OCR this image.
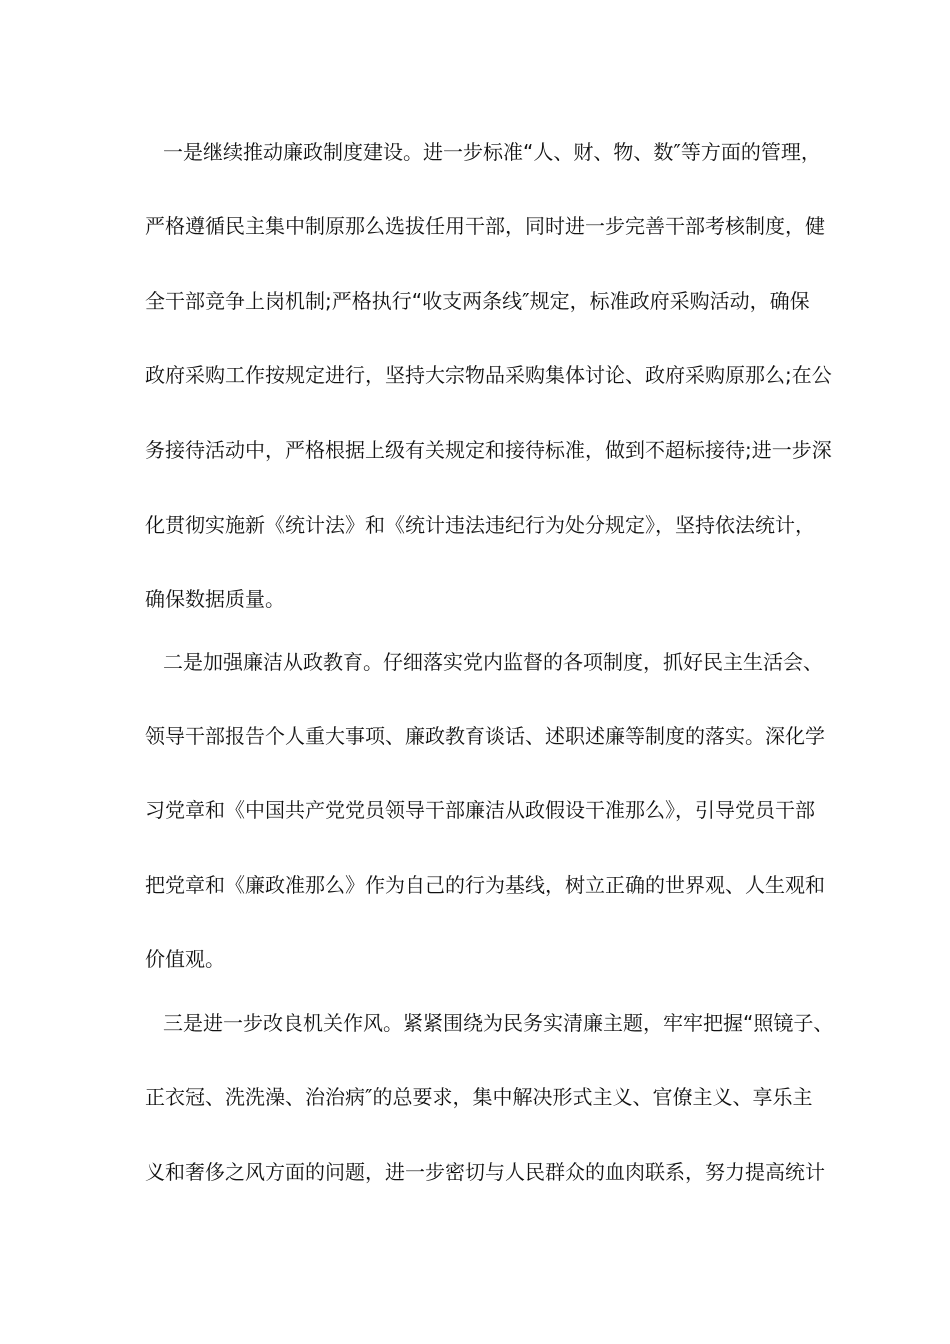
一是继续推动廉政制度建设。进一步标准“人、财、物、数″等方面的管理，
严格遵循民主集中制原那么选拔任用干部，同时进一步完善干部考核制度，健
全干部竞争上岗机制;严格执行“收支两条线″规定，标准政府采购活动，确保
政府采购工作按规定进行，坚持大宗物品采购集体讨论、政府采购原那么;在公
务接待活动中，严格根据上级有关规定和接待标准，做到不超标接待;进一步深
化贯彻实施新《统计法》和《统计违法违纪行为处分规定》，坚持依法统计，
确保数据质量。
二是加强廉洁从政教育。仔细落实党内监督的各项制度，抓好民主生活会、
领导干部报告个人重大事项、廉政教育谈话、述职述廉等制度的落实。深化学
习党章和《中国共产党党员领导干部廉洁从政假设干准那么》，引导党员干部
把党章和《廉政准那么》作为自己的行为基线，树立正确的世界观、人生观和
价值观。
三是进一步改良机关作风。紧紧围绕为民务实清廉主题，牢牢把握“照镜子、
正衣冠、洗洗澡、治治病″的总要求，集中解决形式主义、官僚主义、享乐主
义和奢侈之风方面的问题，进一步密切与人民群众的血肉联系，努力提高统计
